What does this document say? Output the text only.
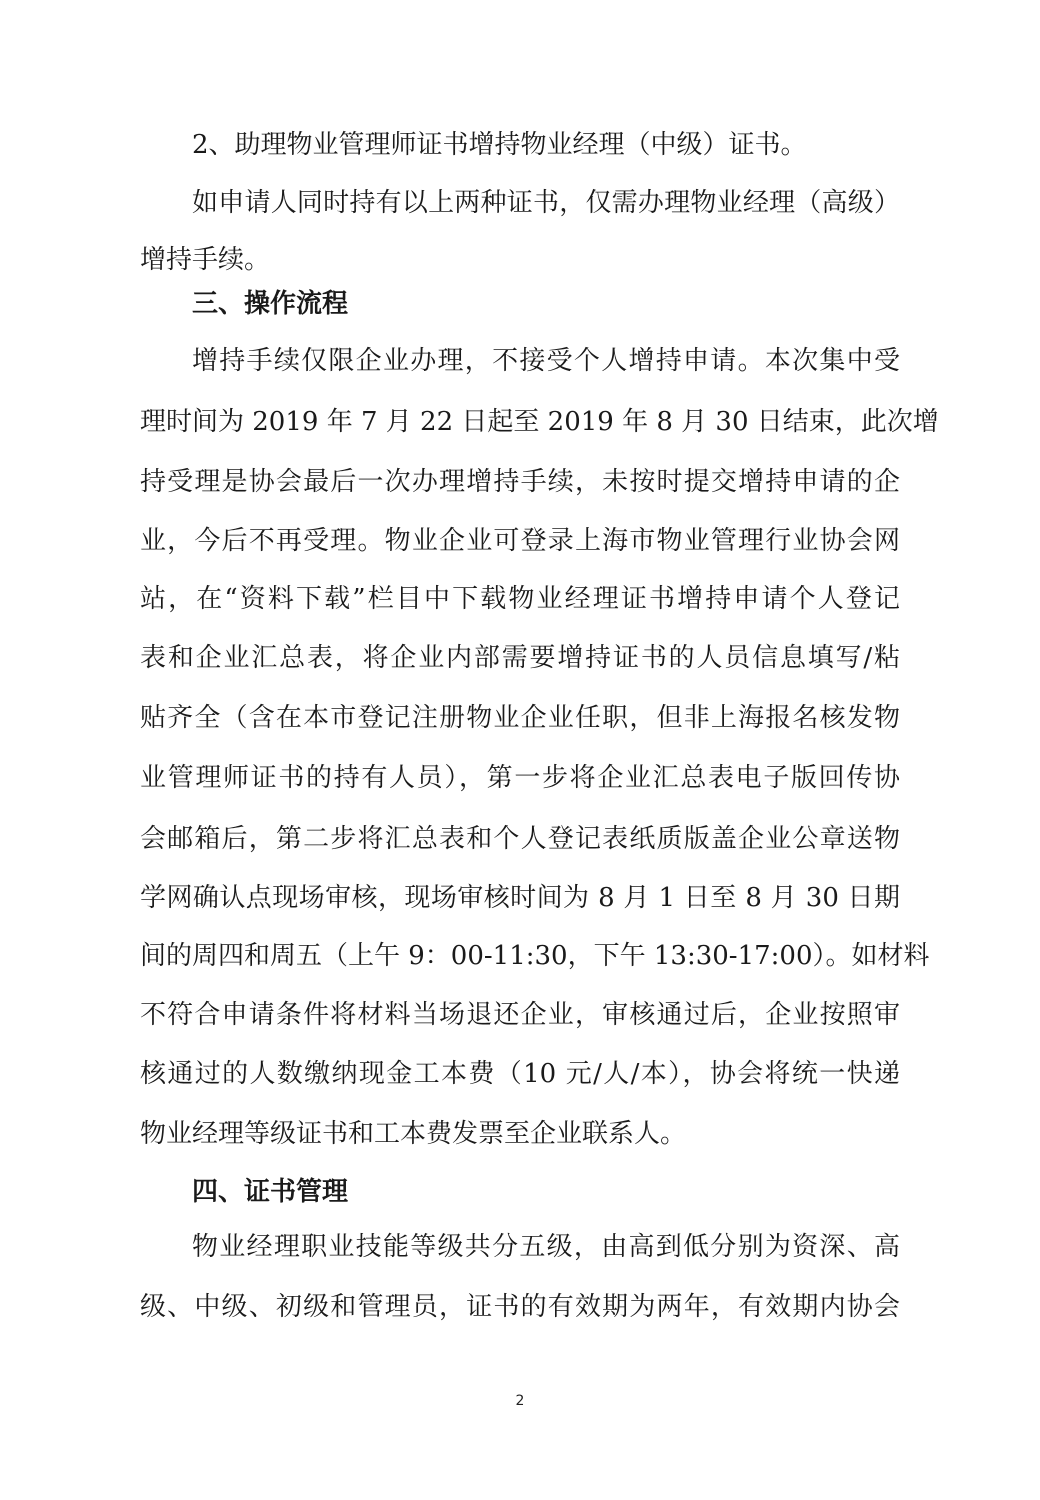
2、助理物业管理师证书增持物业经理（中级）证书。
如申请人同时持有以上两种证书，仅需办理物业经理（高级）
增持手续。
三、操作流程
增持手续仅限企业办理，不接受个人增持申请。本次集中受
理时间为 2019 年 7 月 22 日起至 2019 年 8 月 30 日结束，此次增
持受理是协会最后一次办理增持手续，未按时提交增持申请的企
业，今后不再受理。物业企业可登录上海市物业管理行业协会网
站，在“资料下载”栏目中下载物业经理证书增持申请个人登记
表和企业汇总表，将企业内部需要增持证书的人员信息填写/粘
贴齐全（含在本市登记注册物业企业任职，但非上海报名核发物
业管理师证书的持有人员），第一步将企业汇总表电子版回传协
会邮箱后，第二步将汇总表和个人登记表纸质版盖企业公章送物
学网确认点现场审核，现场审核时间为 8 月 1 日至 8 月 30 日期
间的周四和周五（上午 9：00-11:30，下午 13:30-17:00）。如材料
不符合申请条件将材料当场退还企业，审核通过后，企业按照审
核通过的人数缴纳现金工本费（10 元/人/本），协会将统一快递
物业经理等级证书和工本费发票至企业联系人。
四、证书管理
物业经理职业技能等级共分五级，由高到低分别为资深、高
级、中级、初级和管理员，证书的有效期为两年，有效期内协会
2
